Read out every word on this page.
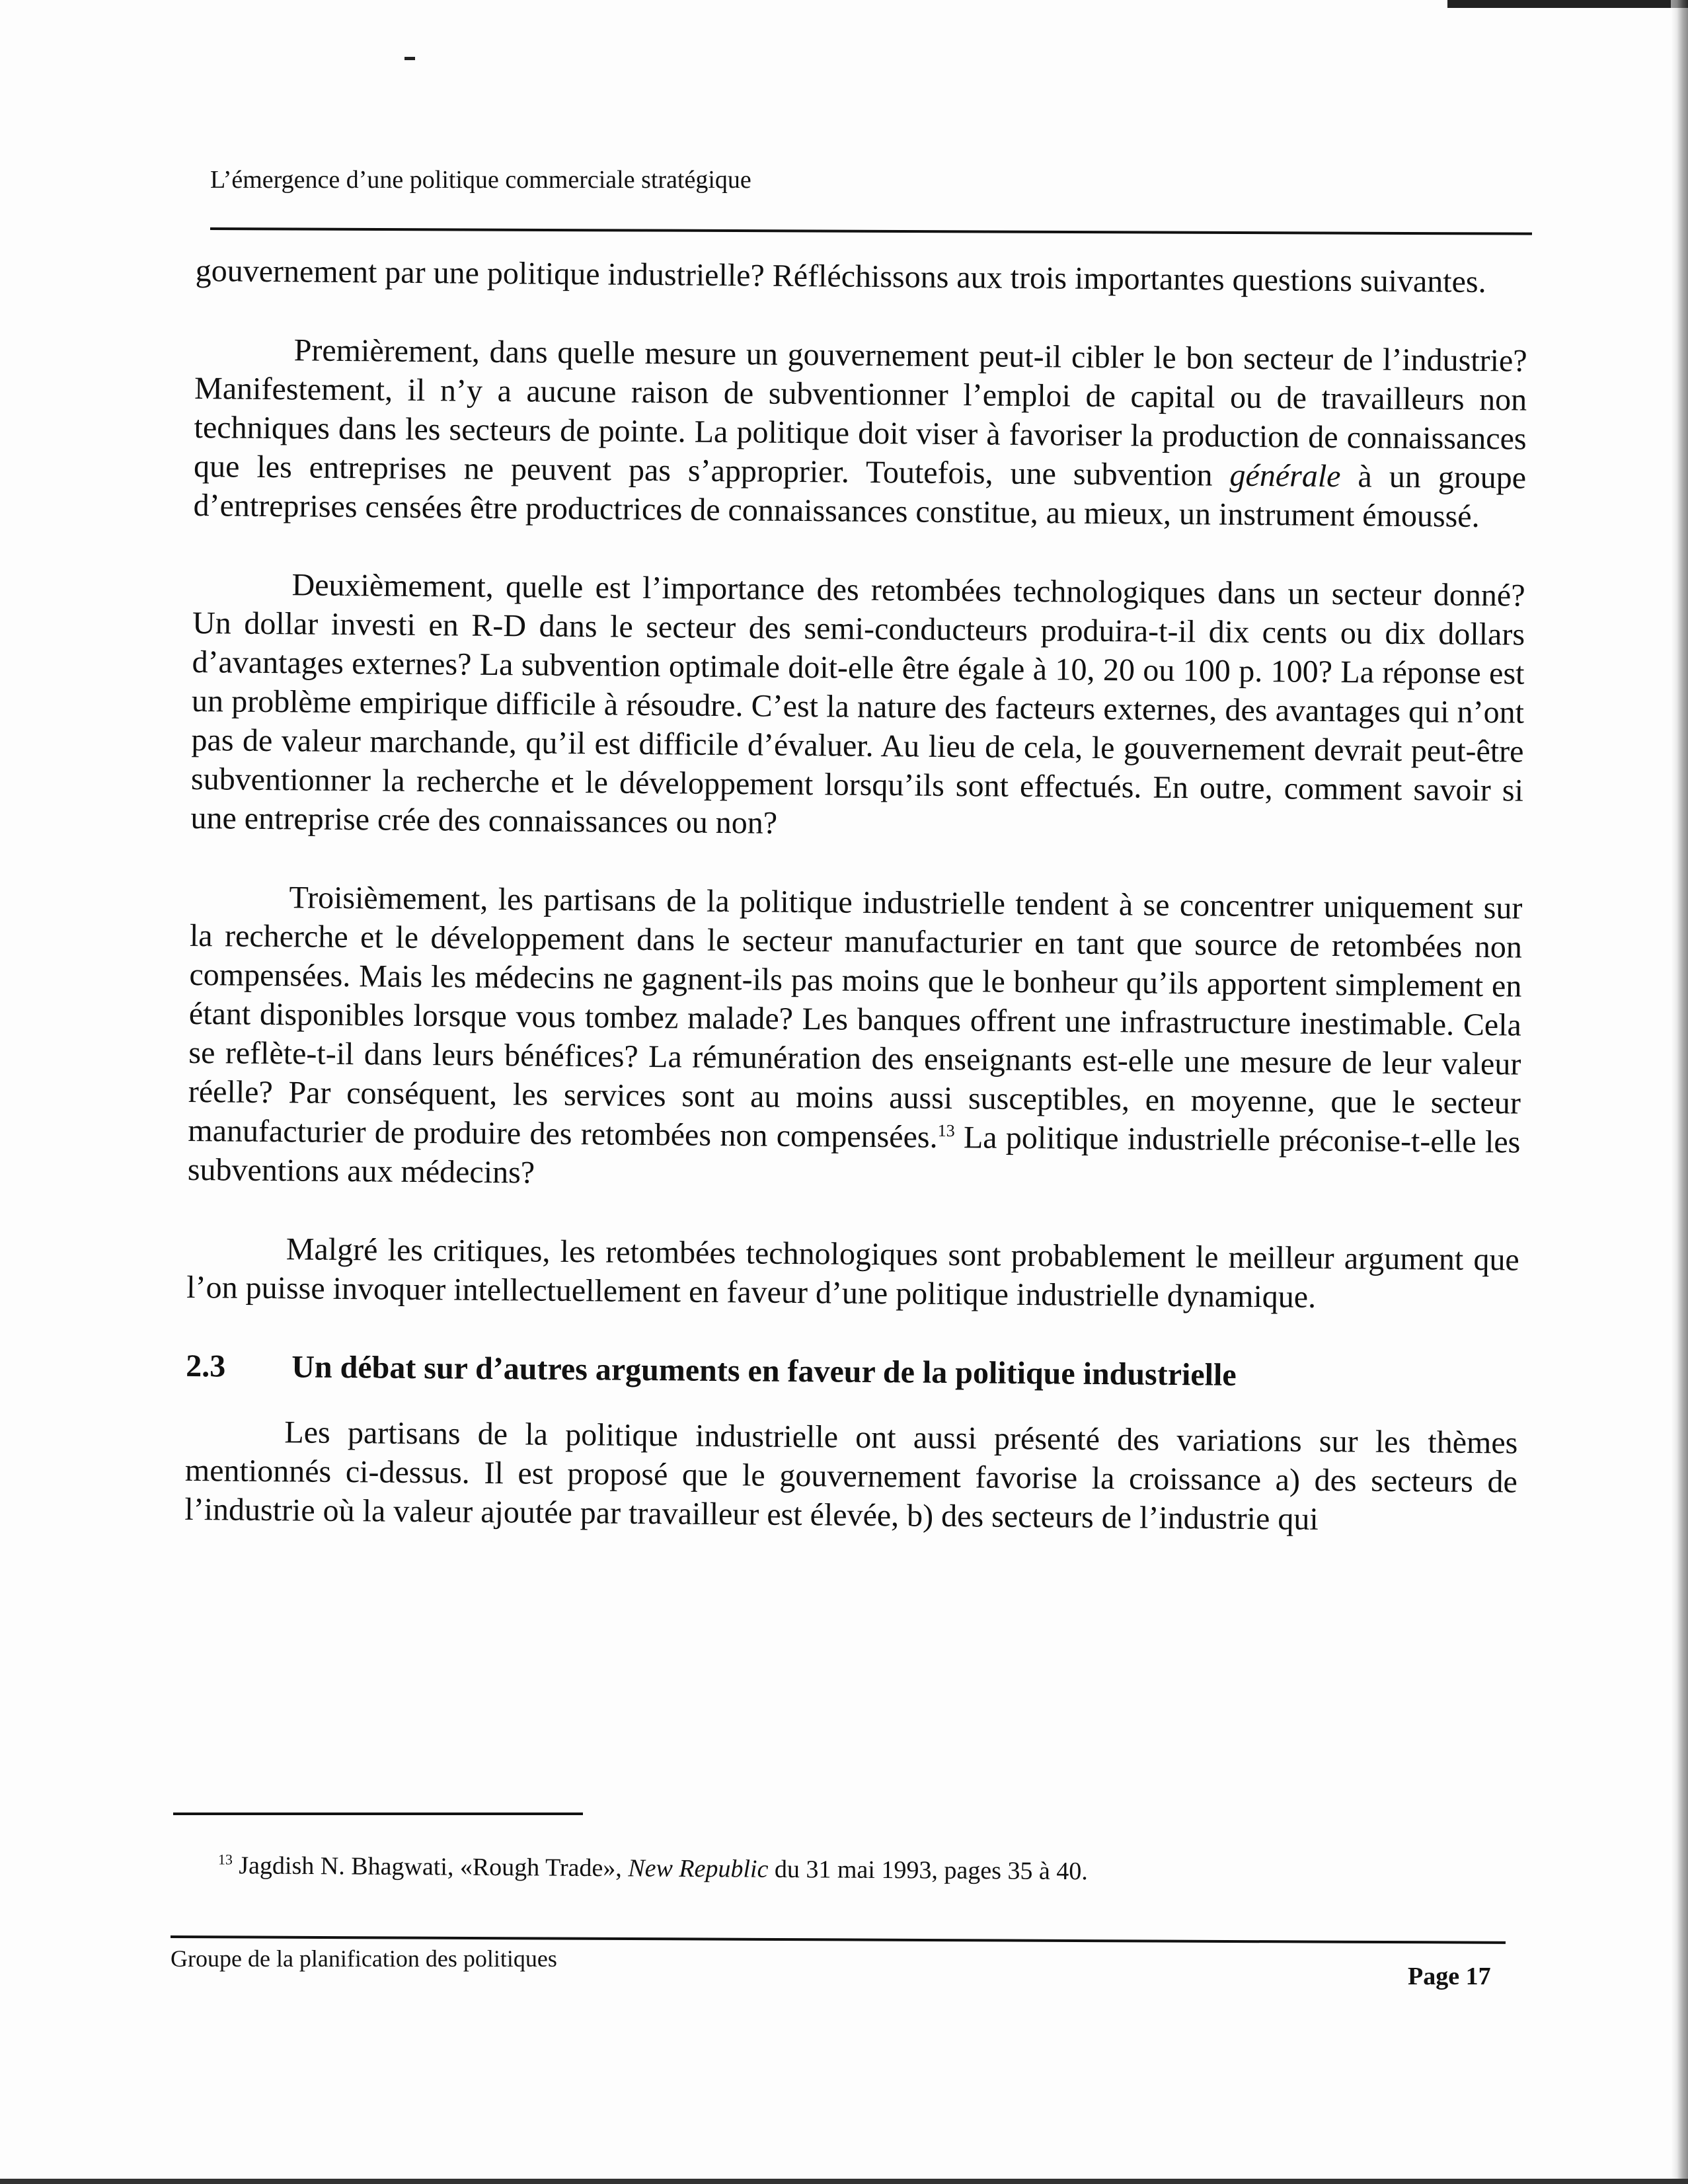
L’émergence d’une politique commerciale stratégique

gouvernement par une politique industrielle? Réfléchissons aux trois importantes questions suivantes.

Premièrement, dans quelle mesure un gouvernement peut-il cibler le bon secteur de l’industrie? Manifestement, il n’y a aucune raison de subventionner l’emploi de capital ou de travailleurs non techniques dans les secteurs de pointe. La politique doit viser à favoriser la production de connaissances que les entreprises ne peuvent pas s’approprier. Toutefois, une subvention générale à un groupe d’entreprises censées être productrices de connaissances constitue, au mieux, un instrument émoussé.

Deuxièmement, quelle est l’importance des retombées technologiques dans un secteur donné? Un dollar investi en R-D dans le secteur des semi-conducteurs produira-t-il dix cents ou dix dollars d’avantages externes? La subvention optimale doit-elle être égale à 10, 20 ou 100 p. 100? La réponse est un problème empirique difficile à résoudre. C’est la nature des facteurs externes, des avantages qui n’ont pas de valeur marchande, qu’il est difficile d’évaluer. Au lieu de cela, le gouvernement devrait peut-être subventionner la recherche et le développement lorsqu’ils sont effectués. En outre, comment savoir si une entreprise crée des connaissances ou non?

Troisièmement, les partisans de la politique industrielle tendent à se concentrer uniquement sur la recherche et le développement dans le secteur manufacturier en tant que source de retombées non compensées. Mais les médecins ne gagnent-ils pas moins que le bonheur qu’ils apportent simplement en étant disponibles lorsque vous tombez malade? Les banques offrent une infrastructure inestimable. Cela se reflète-t-il dans leurs bénéfices? La rémunération des enseignants est-elle une mesure de leur valeur réelle? Par conséquent, les services sont au moins aussi susceptibles, en moyenne, que le secteur manufacturier de produire des retombées non compensées.$^{13}$ La politique industrielle préconise-t-elle les subventions aux médecins?

Malgré les critiques, les retombées technologiques sont probablement le meilleur argument que l’on puisse invoquer intellectuellement en faveur d’une politique industrielle dynamique.

2.3	Un débat sur d’autres arguments en faveur de la politique industrielle

Les partisans de la politique industrielle ont aussi présenté des variations sur les thèmes mentionnés ci-dessus. Il est proposé que le gouvernement favorise la croissance a) des secteurs de l’industrie où la valeur ajoutée par travailleur est élevée, b) des secteurs de l’industrie qui

$^{13}$ Jagdish N. Bhagwati, «Rough Trade», New Republic du 31 mai 1993, pages 35 à 40.
Groupe de la planification des politiques
Page 17
